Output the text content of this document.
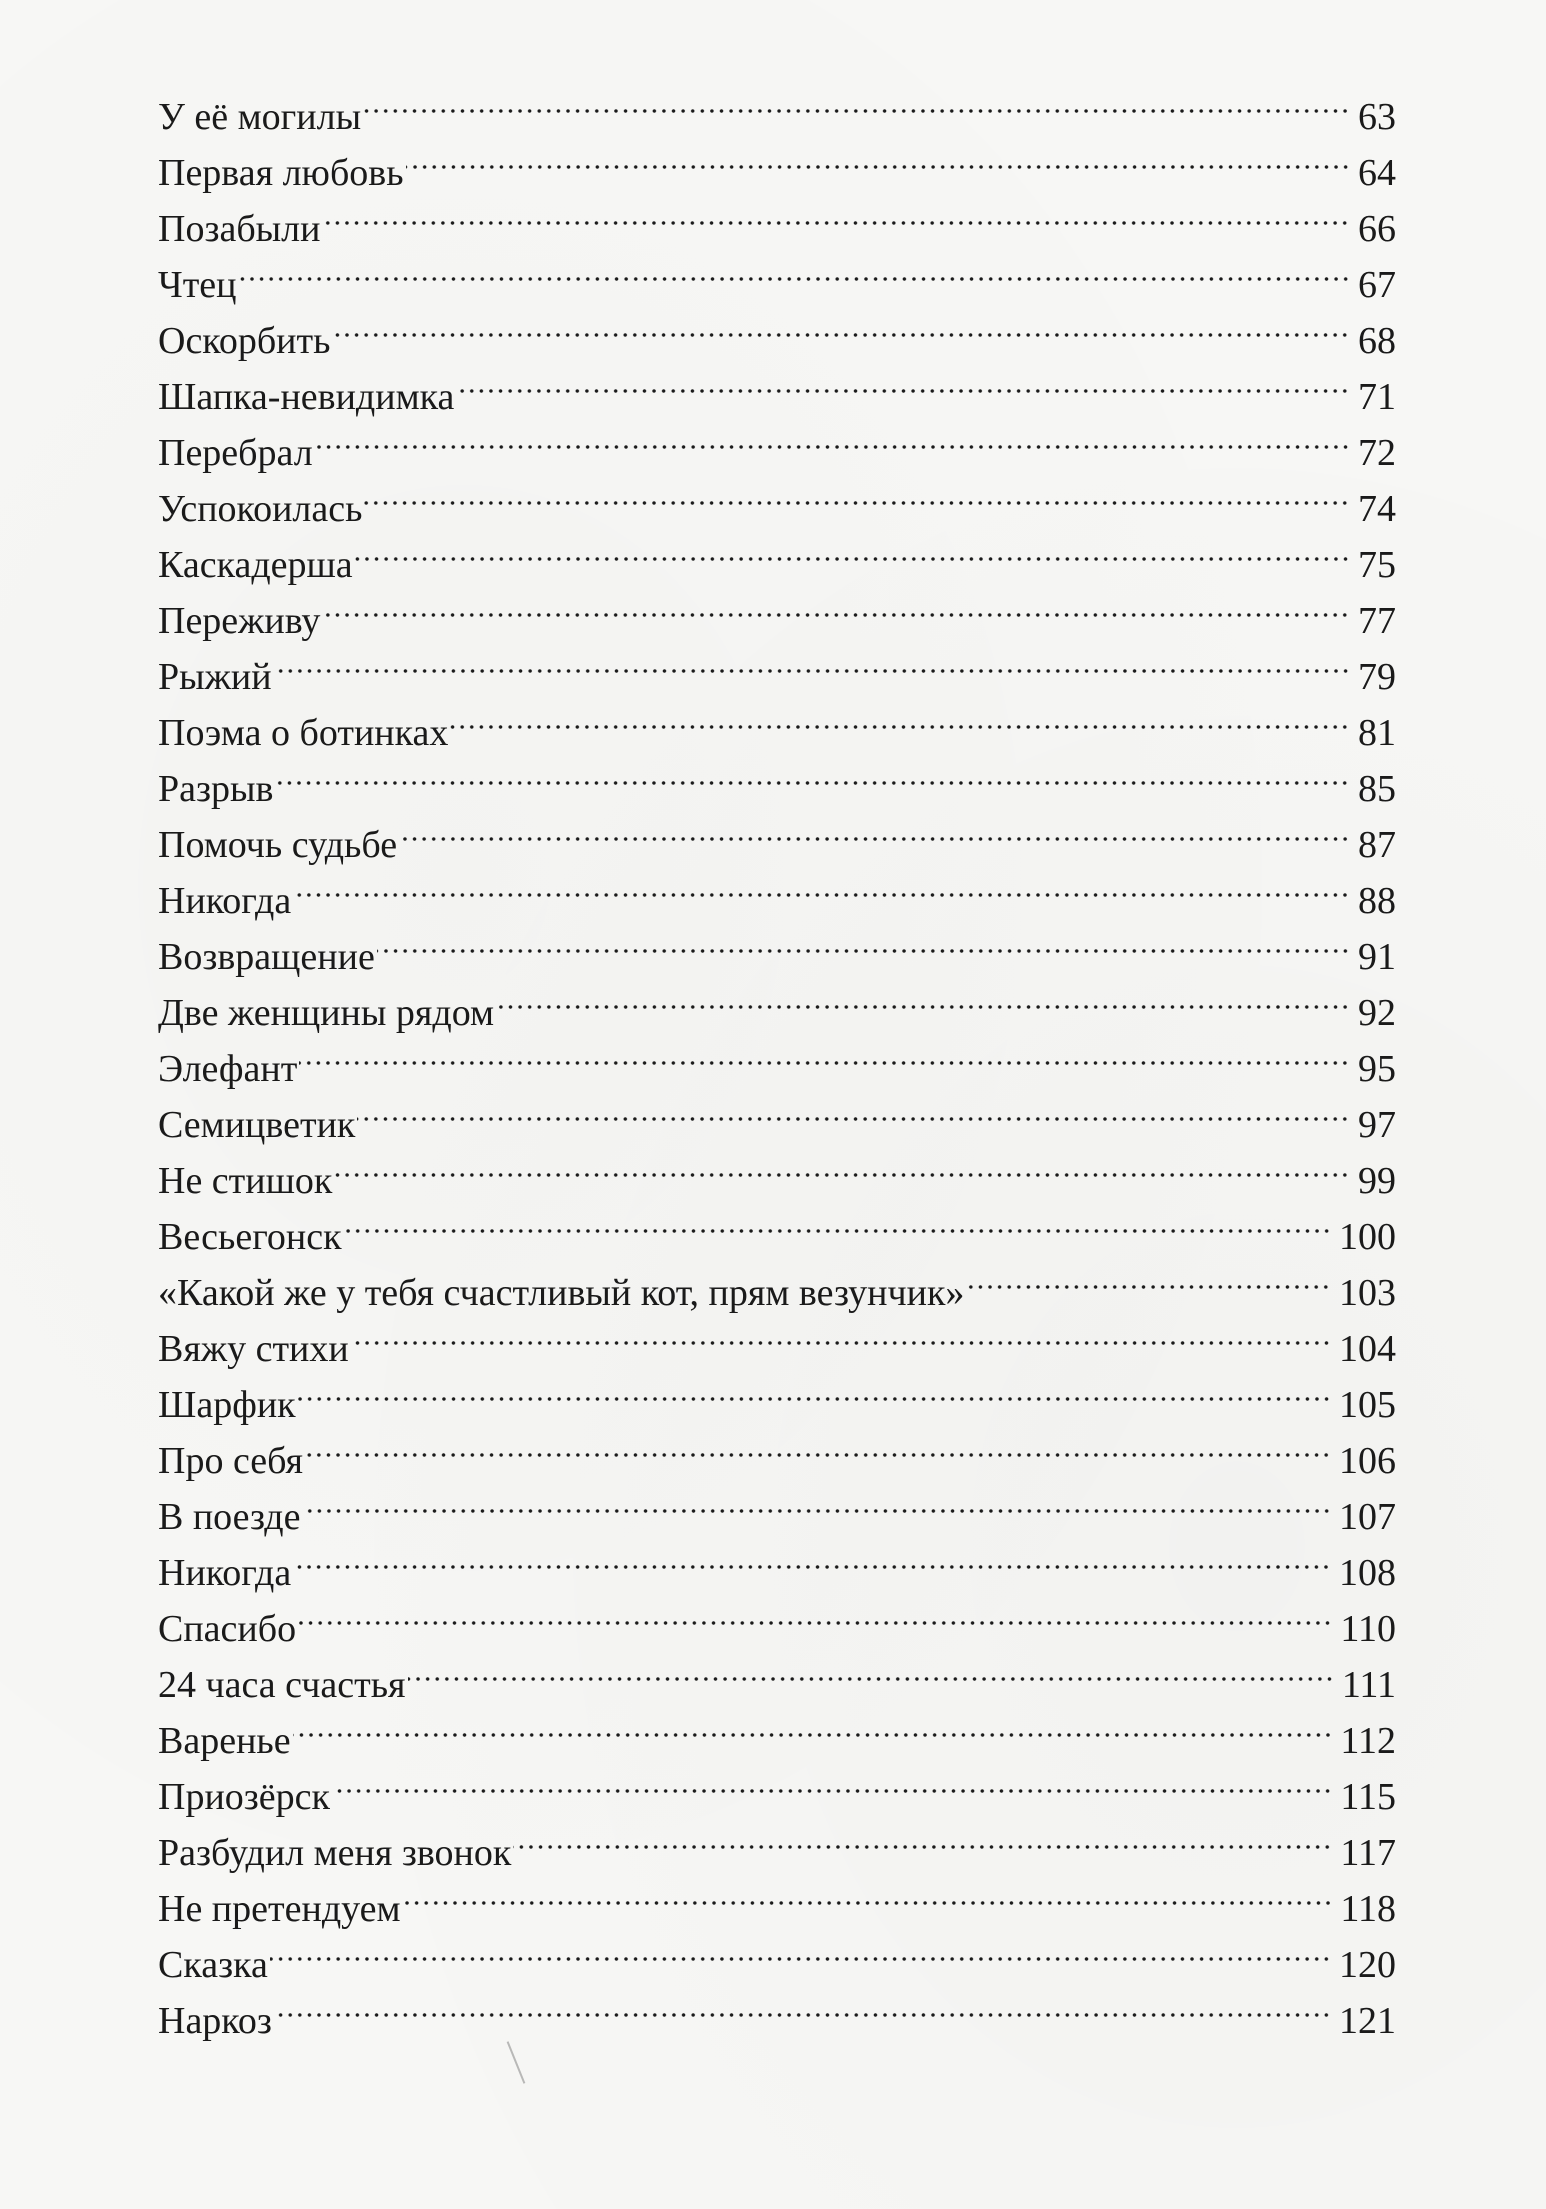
У её могилы	63
Первая любовь	64
Позабыли	66
Чтец	67
Оскорбить	68
Шапка-невидимка	71
Перебрал	72
Успокоилась	74
Каскадерша	75
Переживу	77
Рыжий	79
Поэма о ботинках	81
Разрыв	85
Помочь судьбе	87
Никогда	88
Возвращение	91
Две женщины рядом	92
Элефант	95
Семицветик	97
Не стишок	99
Весьегонск	100
«Какой же у тебя счастливый кот, прям везунчик»	103
Вяжу стихи	104
Шарфик	105
Про себя	106
В поезде	107
Никогда	108
Спасибо	110
24 часа счастья	111
Варенье	112
Приозёрск	115
Разбудил меня звонок	117
Не претендуем	118
Сказка	120
Наркоз	121
